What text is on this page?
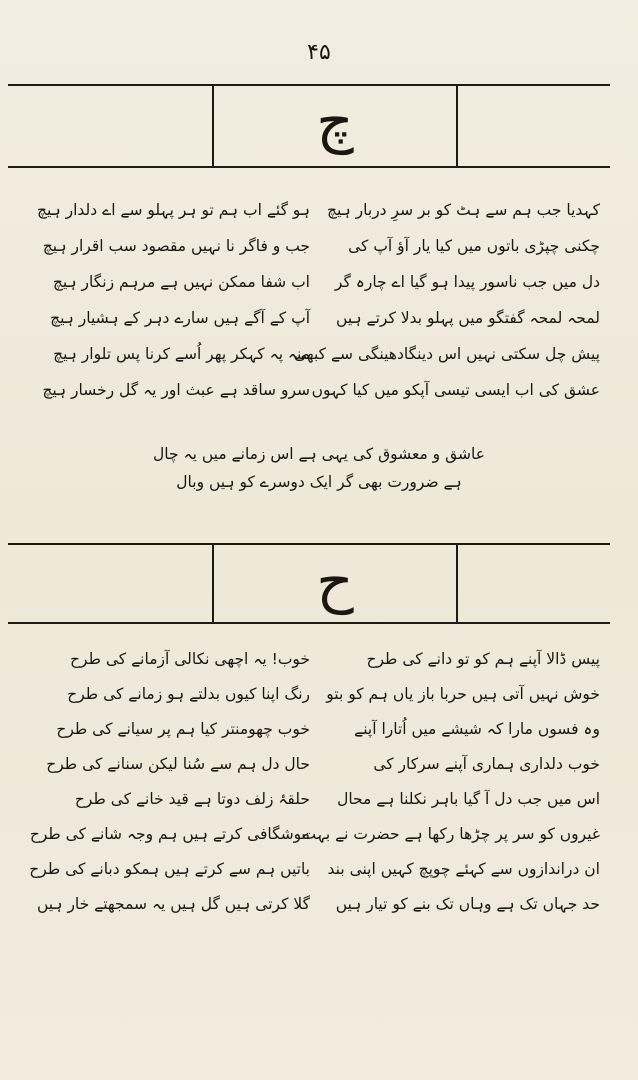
۴۵
چ
کہدیا جب ہم سے ہٹ کو بر سرِ دربار ہیچ
چکنی چپڑی باتوں میں کیا یار آؤ آپ کی
دل میں جب ناسور پیدا ہو گیا اے چارہ گر
لمحہ لمحہ گفتگو میں پہلو بدلا کرتے ہیں
پیش چل سکتی نہیں اس دینگادھینگی سے کبھی
عشق کی اب ایسی تیسی آپکو میں کیا کہوں
ہو گئے اب ہم تو ہر پہلو سے اے دلدار ہیچ
جب و فاگر نا نہیں مقصود سب اقرار ہیچ
اب شفا ممکن نہیں ہے مرہم زنگار ہیچ
آپ کے آگے ہیں سارے دہر کے ہشیار ہیچ
منہ پہ کہکر پھر اُسے کرنا پس تلوار ہیچ
سرو ساقد ہے عبث اور یہ گل رخسار ہیچ
عاشق و معشوق کی یہی ہے اس زمانے میں یہ چال
ہے ضرورت بھی گر ایک دوسرے کو ہیں وبال
ح
پیس ڈالا آپنے ہم کو تو دانے کی طرح
خوش نہیں آتی ہیں حربا باز یاں ہم کو بتو
وہ فسوں مارا کہ شیشے میں اُتارا آپنے
خوب دلداری ہماری آپنے سرکار کی
اس میں جب دل آ گیا باہر نکلنا ہے محال
غیروں کو سر پر چڑھا رکھا ہے حضرت نے بہت
ان دراندازوں سے کہئے چوپچ کہیں اپنی بند
حد جہاں تک ہے وہاں تک بنے کو تیار ہیں
خوب! یہ اچھی نکالی آزمانے کی طرح
رنگ اپنا کیوں بدلتے ہو زمانے کی طرح
خوب چھومنتر کیا ہم پر سیانے کی طرح
حال دل ہم سے سُنا لیکن سنانے کی طرح
حلقۂ زلف دوتا ہے قید خانے کی طرح
موشگافی کرتے ہیں ہم وجہ شانے کی طرح
باتیں ہم سے کرتے ہیں ہمکو دبانے کی طرح
گلا کرتی ہیں گل ہیں یہ سمجھتے خار ہیں
